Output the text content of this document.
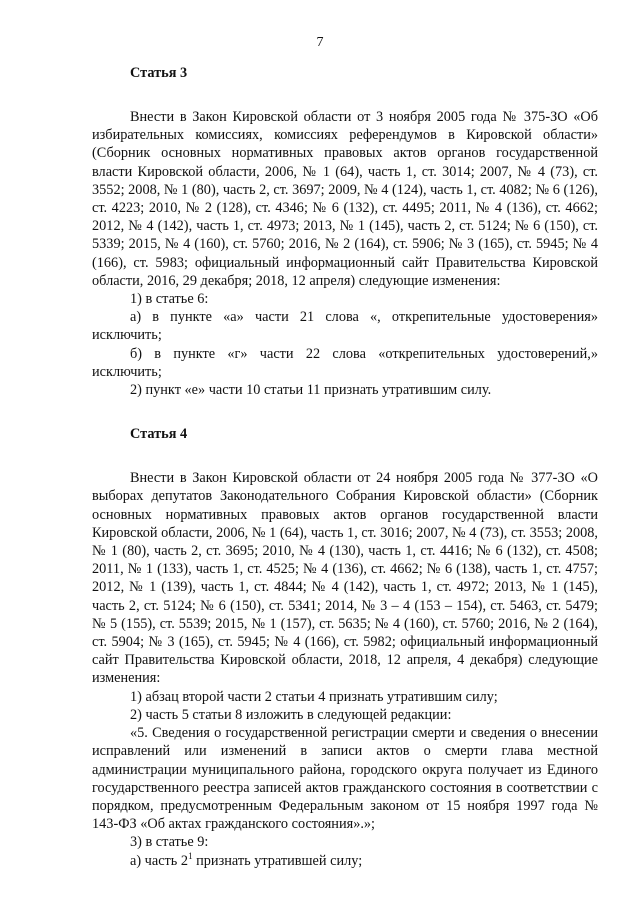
7
Статья 3

Внести в Закон Кировской области от 3 ноября 2005 года № 375-ЗО «Об избирательных комиссиях, комиссиях референдумов в Кировской области» (Сборник основных нормативных правовых актов органов государственной власти Кировской области, 2006, № 1 (64), часть 1, ст. 3014; 2007, № 4 (73), ст. 3552; 2008, № 1 (80), часть 2, ст. 3697; 2009, № 4 (124), часть 1, ст. 4082; № 6 (126), ст. 4223; 2010, № 2 (128), ст. 4346; № 6 (132), ст. 4495; 2011, № 4 (136), ст. 4662; 2012, № 4 (142), часть 1, ст. 4973; 2013, № 1 (145), часть 2, ст. 5124; № 6 (150), ст. 5339; 2015, № 4 (160), ст. 5760; 2016, № 2 (164), ст. 5906; № 3 (165), ст. 5945; № 4 (166), ст. 5983; официальный информационный сайт Правительства Кировской области, 2016, 29 декабря; 2018, 12 апреля) следующие изменения:

1) в статье 6:

а) в пункте «а» части 21 слова «, открепительные удостоверения» исключить;

б) в пункте «г» части 22 слова «открепительных удостоверений,» исключить;

2) пункт «е» части 10 статьи 11 признать утратившим силу.

Статья 4

Внести в Закон Кировской области от 24 ноября 2005 года № 377-ЗО «О выборах депутатов Законодательного Собрания Кировской области» (Сборник основных нормативных правовых актов органов государственной власти Кировской области, 2006, № 1 (64), часть 1, ст. 3016; 2007, № 4 (73), ст. 3553; 2008, № 1 (80), часть 2, ст. 3695; 2010, № 4 (130), часть 1, ст. 4416; № 6 (132), ст. 4508; 2011, № 1 (133), часть 1, ст. 4525; № 4 (136), ст. 4662; № 6 (138), часть 1, ст. 4757; 2012, № 1 (139), часть 1, ст. 4844; № 4 (142), часть 1, ст. 4972; 2013, № 1 (145), часть 2, ст. 5124; № 6 (150), ст. 5341; 2014, № 3 – 4 (153 – 154), ст. 5463, ст. 5479; № 5 (155), ст. 5539; 2015, № 1 (157), ст. 5635; № 4 (160), ст. 5760; 2016, № 2 (164), ст. 5904; № 3 (165), ст. 5945; № 4 (166), ст. 5982; официальный информационный сайт Правительства Кировской области, 2018, 12 апреля, 4 декабря) следующие изменения:

1) абзац второй части 2 статьи 4 признать утратившим силу;

2) часть 5 статьи 8 изложить в следующей редакции:

«5. Сведения о государственной регистрации смерти и сведения о внесении исправлений или изменений в записи актов о смерти глава местной администрации муниципального района, городского округа получает из Единого государственного реестра записей актов гражданского состояния в соответствии с порядком, предусмотренным Федеральным законом от 15 ноября 1997 года № 143-ФЗ «Об актах гражданского состояния».»;

3) в статье 9:

а) часть $2^1$ признать утратившей силу;
